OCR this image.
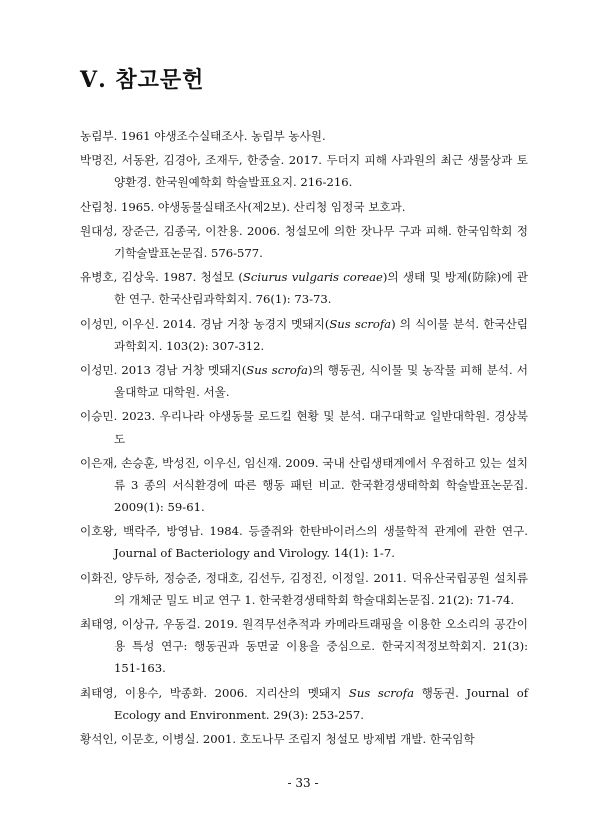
Ⅴ. 참고문헌
농림부. 1961 야생조수실태조사. 농림부 농사원.
박명진, 서동완, 김경아, 조재두, 한중술. 2017. 두더지 피해 사과원의 최근 생물상과 토양환경. 한국원예학회 학술발표요지. 216-216.
산림청. 1965. 야생동물실태조사(제2보). 산리청 임정국 보호과.
원대성, 장준근, 김종국, 이찬용. 2006. 청설모에 의한 잣나무 구과 피해. 한국임학회 정기학술발표논문집. 576-577.
유병호, 김상욱. 1987. 청설모 (Sciurus vulgaris coreae)의 생태 및 방제(防除)에 관한 연구. 한국산림과학회지. 76(1): 73-73.
이성민, 이우신. 2014. 경남 거창 농경지 멧돼지(Sus scrofa) 의 식이물 분석. 한국산림과학회지. 103(2): 307-312.
이성민. 2013 경남 거창 멧돼지(Sus scrofa)의 행동권, 식이물 및 농작물 피해 분석. 서울대학교 대학원. 서울.
이승민. 2023. 우리나라 야생동물 로드킬 현황 및 분석. 대구대학교 일반대학원. 경상북도
이은재, 손승훈, 박성진, 이우신, 임신재. 2009. 국내 산림생태계에서 우점하고 있는 설치류 3 종의 서식환경에 따른 행동 패턴 비교. 한국환경생태학회 학술발표논문집. 2009(1): 59-61.
이호왕, 백락주, 방영남. 1984. 등줄쥐와 한탄바이러스의 생물학적 관계에 관한 연구. Journal of Bacteriology and Virology. 14(1): 1-7.
이화진, 양두하, 정승준, 정대호, 김선두, 김정진, 이정일. 2011. 덕유산국립공원 설치류의 개체군 밀도 비교 연구 1. 한국환경생태학회 학술대회논문집. 21(2): 71-74.
최태영, 이상규, 우동걸. 2019. 원격무선추적과 카메라트래핑을 이용한 오소리의 공간이용 특성 연구: 행동권과 동면굴 이용을 중심으로. 한국지적정보학회지. 21(3): 151-163.
최태영, 이용수, 박종화. 2006. 지리산의 멧돼지 Sus scrofa 행동권. Journal of Ecology and Environment. 29(3): 253-257.
황석인, 이문호, 이병실. 2001. 호도나무 조림지 청설모 방제법 개발. 한국임학
- 33 -
